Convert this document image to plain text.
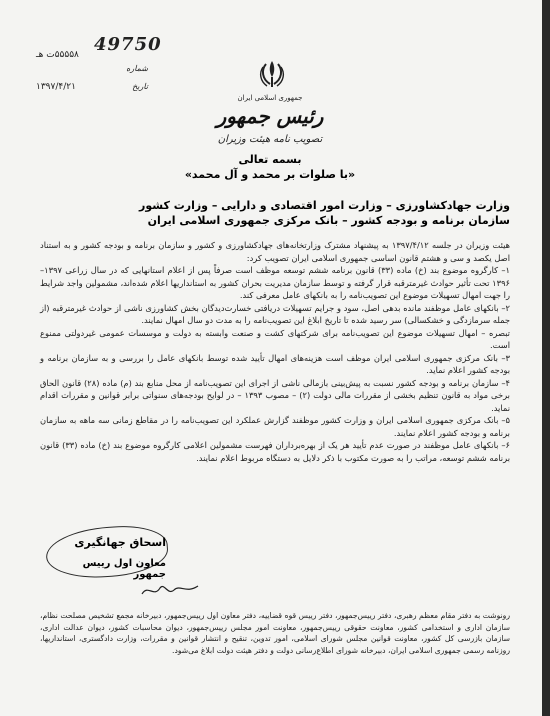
49750
۵۵۵۵۸ت هـ
شماره
۱۳۹۷/۴/۲۱	تاریخ
جمهوری اسلامی ایران
رئیس جمهور
تصویب نامه هیئت وزیران
بسمه تعالی
«با صلوات بر محمد و آل محمد»
وزارت جهادکشاورزی – وزارت امور اقتصادی و دارایی – وزارت کشور
سازمان برنامه و بودجه کشور – بانک مرکزی جمهوری اسلامی ایران

هیئت وزیران در جلسه ۱۳۹۷/۴/۱۲ به پیشنهاد مشترک وزارتخانه‌های جهادکشاورزی و کشور و سازمان برنامه و بودجه کشور و به استناد اصل یکصد و سی و هشتم قانون اساسی جمهوری اسلامی ایران تصویب کرد:

۱– کارگروه موضوع بند (خ) ماده (۳۳) قانون برنامه ششم توسعه موظف است صرفاً پس از اعلام استانهایی که در سال زراعی ۱۳۹۷–۱۳۹۶ تحت تأثیر حوادث غیرمترقبه قرار گرفته و توسط سازمان مدیریت بحران کشور به استانداریها اعلام شده‌اند، مشمولین واجد شرایط را جهت امهال تسهیلات موضوع این تصویب‌نامه را به بانکهای عامل معرفی کند.

۲– بانکهای عامل موظفند مانده بدهی اصل، سود و جرایم تسهیلات دریافتی خسارت‌دیدگان بخش کشاورزی ناشی از حوادث غیرمترقبه (از جمله سرمازدگی و خشکسالی) سر رسید شده تا تاریخ ابلاغ این تصویب‌نامه را به مدت دو سال امهال نمایند.

تبصره – امهال تسهیلات موضوع این تصویب‌نامه برای شرکتهای کشت و صنعت وابسته به دولت و موسسات عمومی غیردولتی ممنوع است.

۳– بانک مرکزی جمهوری اسلامی ایران موظف است هزینه‌های امهال تأیید شده توسط بانکهای عامل را بررسی و به سازمان برنامه و بودجه کشور اعلام نماید.

۴– سازمان برنامه و بودجه کشور نسبت به پیش‌بینی بازمالی ناشی از اجرای این تصویب‌نامه از محل منابع بند (م) ماده (۲۸) قانون الحاق برخی مواد به قانون تنظیم بخشی از مقررات مالی دولت (۲) – مصوب ۱۳۹۳ – در لوایح بودجه‌های سنواتی برابر قوانین و مقررات اقدام نماید.

۵– بانک مرکزی جمهوری اسلامی ایران و وزارت کشور موظفند گزارش عملکرد این تصویب‌نامه را در مقاطع زمانی سه ماهه به سازمان برنامه و بودجه کشور اعلام نمایند.

۶– بانکهای عامل موظفند در صورت عدم تأیید هر یک از بهره‌برداران فهرست مشمولین اعلامی کارگروه موضوع بند (خ) ماده (۳۳) قانون برنامه ششم توسعه، مراتب را به صورت مکتوب با ذکر دلایل به دستگاه مربوط اعلام نمایند.

اسحاق جهانگیری
معاون اول رییس جمهور
رونوشت به دفتر مقام معظم رهبری، دفتر رییس‌جمهور، دفتر رییس قوه قضاییه، دفتر معاون اول رییس‌جمهور، دبیرخانه مجمع تشخیص مصلحت نظام، سازمان اداری و استخدامی کشور، معاونت حقوقی رییس‌جمهور، معاونت امور مجلس رییس‌جمهور، دیوان محاسبات کشور، دیوان عدالت اداری، سازمان بازرسی کل کشور، معاونت قوانین مجلس شورای اسلامی، امور تدوین، تنقیح و انتشار قوانین و مقررات، وزارت دادگستری، استانداریها، روزنامه رسمی جمهوری اسلامی ایران، دبیرخانه شورای اطلاع‌رسانی دولت و دفتر هیئت دولت ابلاغ می‌شود.
